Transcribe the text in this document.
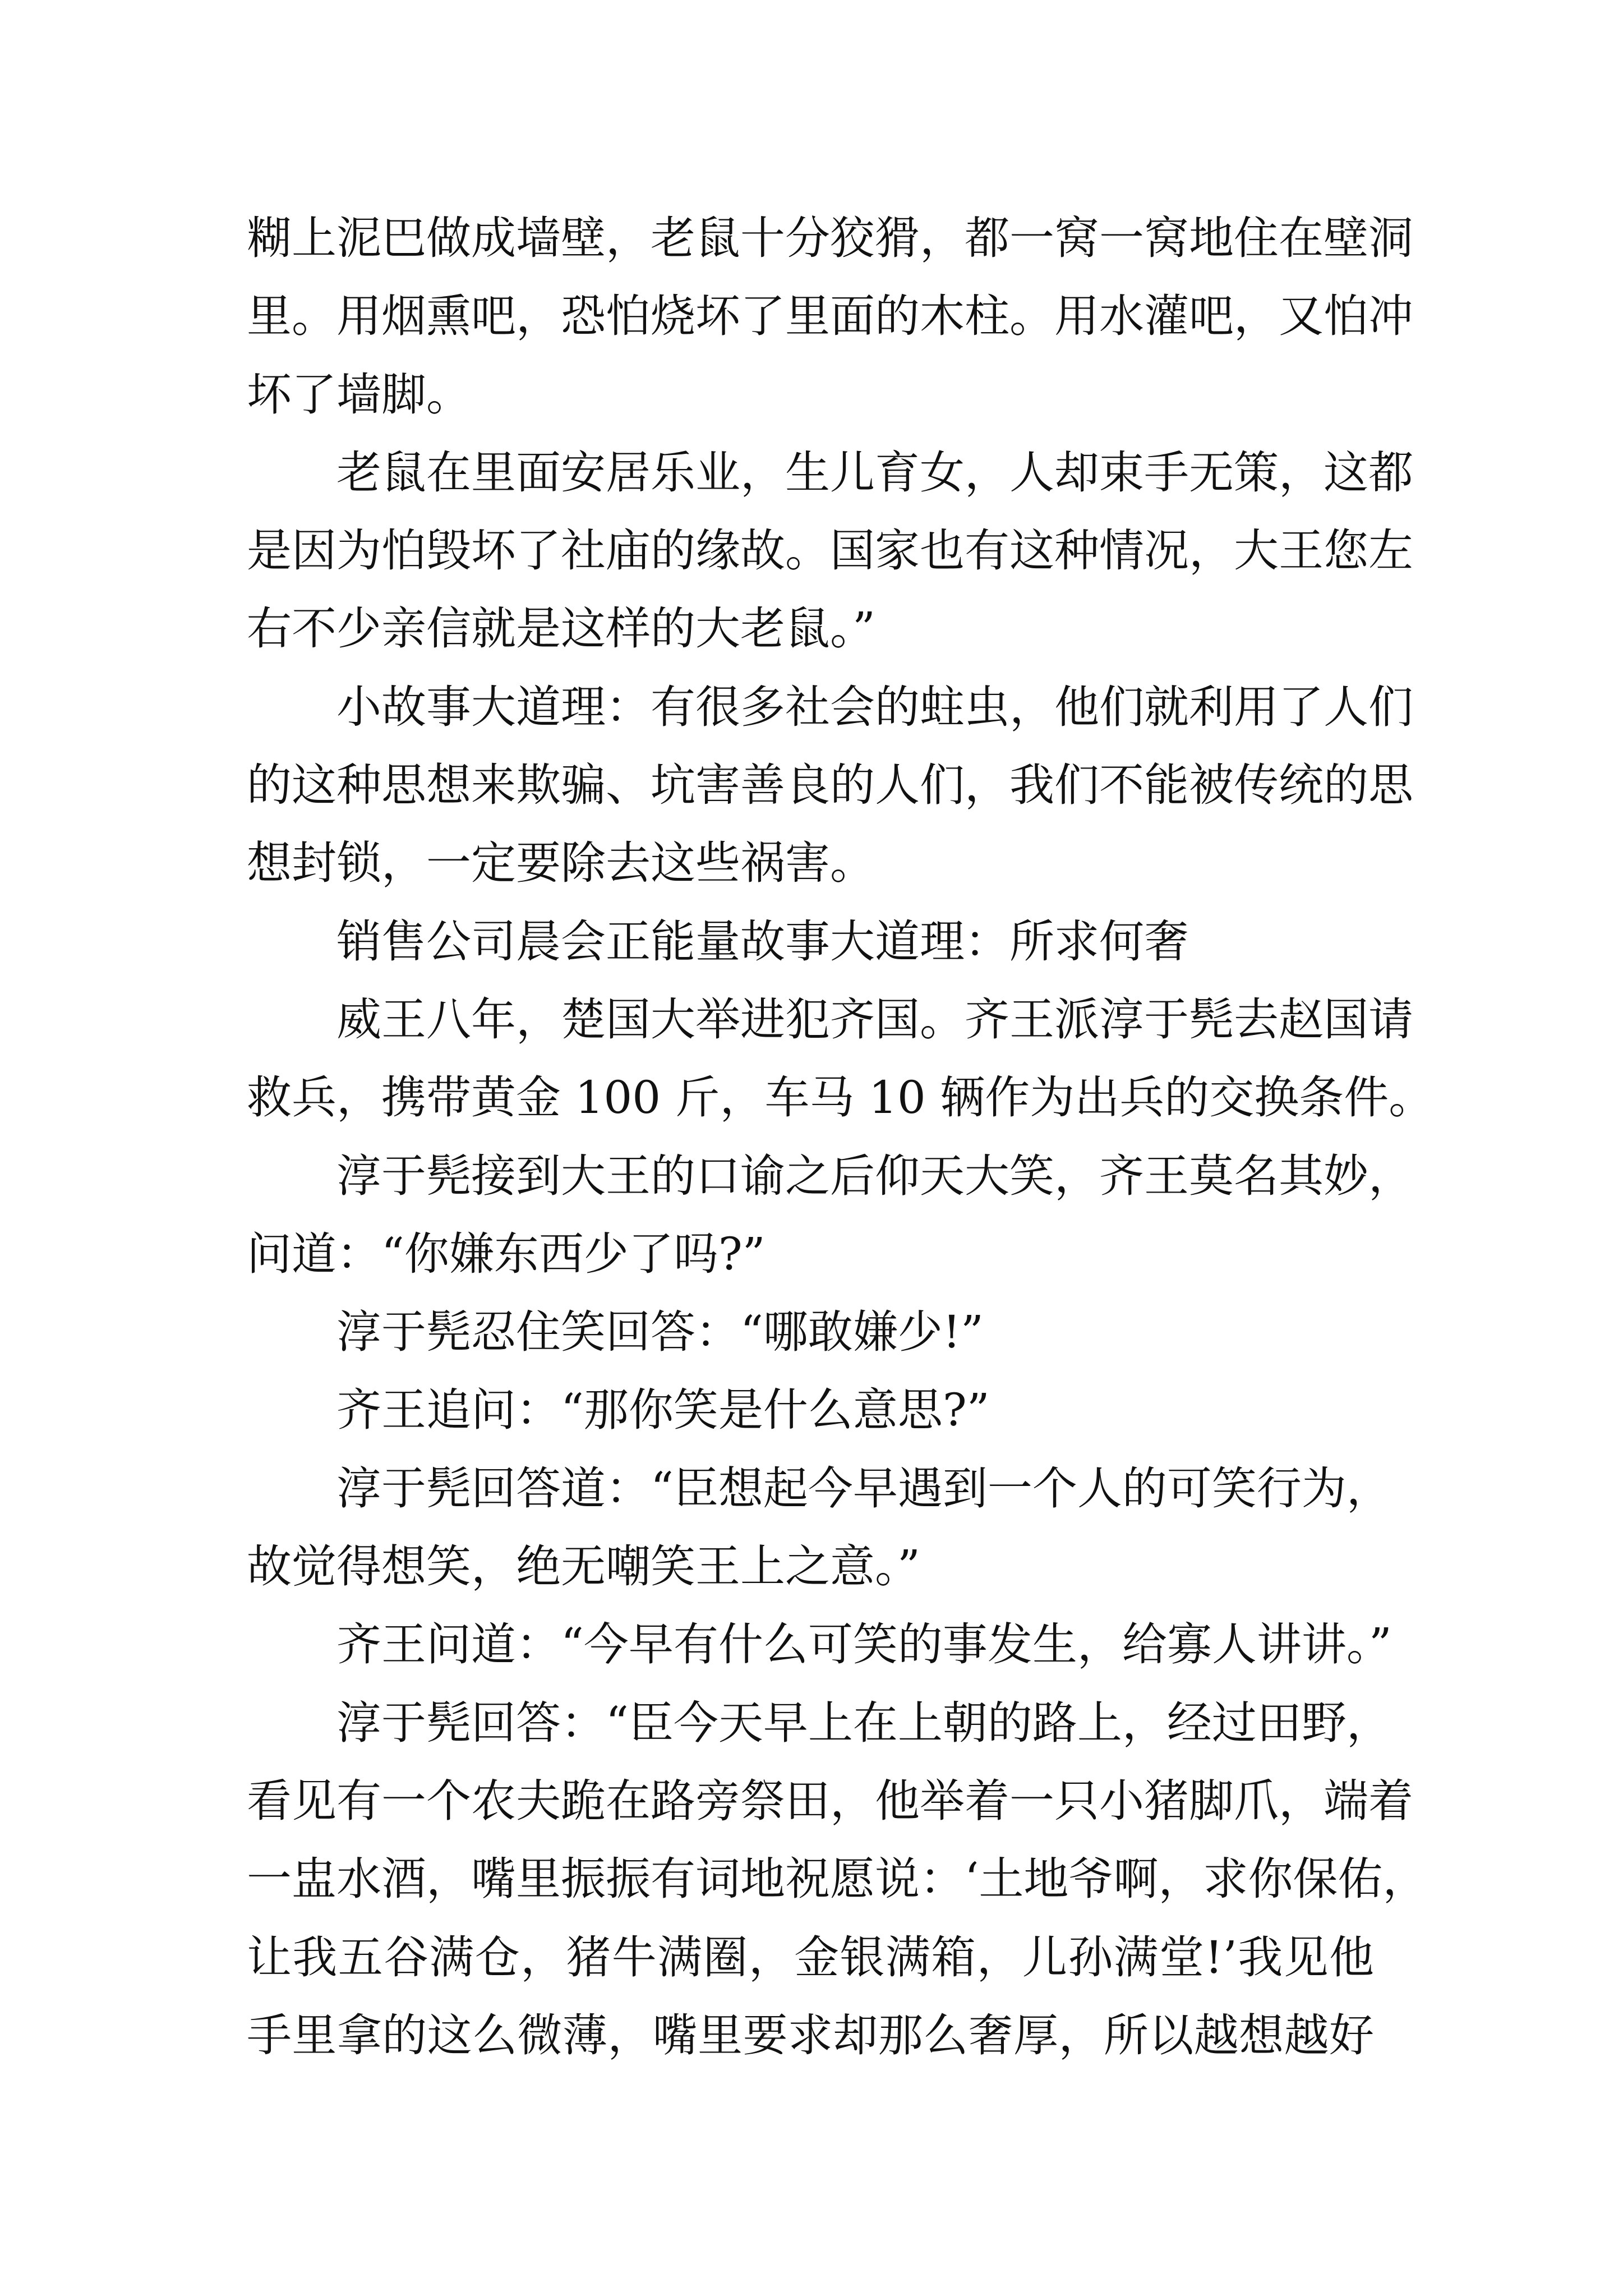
糊上泥巴做成墙壁，老鼠十分狡猾，都一窝一窝地住在壁洞
里。用烟熏吧，恐怕烧坏了里面的木柱。用水灌吧，又怕冲
坏了墙脚。
老鼠在里面安居乐业，生儿育女，人却束手无策，这都
是因为怕毁坏了社庙的缘故。国家也有这种情况，大王您左
右不少亲信就是这样的大老鼠。”
小故事大道理：有很多社会的蛀虫，他们就利用了人们
的这种思想来欺骗、坑害善良的人们，我们不能被传统的思
想封锁，一定要除去这些祸害。
销售公司晨会正能量故事大道理：所求何奢
威王八年，楚国大举进犯齐国。齐王派淳于髡去赵国请
救兵，携带黄金 100 斤，车马 10 辆作为出兵的交换条件。
淳于髡接到大王的口谕之后仰天大笑，齐王莫名其妙，
问道：“你嫌东西少了吗?”
淳于髡忍住笑回答：“哪敢嫌少!”
齐王追问：“那你笑是什么意思?”
淳于髡回答道：“臣想起今早遇到一个人的可笑行为，
故觉得想笑，绝无嘲笑王上之意。”
齐王问道：“今早有什么可笑的事发生，给寡人讲讲。”
淳于髡回答：“臣今天早上在上朝的路上，经过田野，
看见有一个农夫跪在路旁祭田，他举着一只小猪脚爪，端着
一盅水酒，嘴里振振有词地祝愿说：‘土地爷啊，求你保佑，
让我五谷满仓，猪牛满圈，金银满箱，儿孙满堂!’我见他
手里拿的这么微薄，嘴里要求却那么奢厚，所以越想越好
